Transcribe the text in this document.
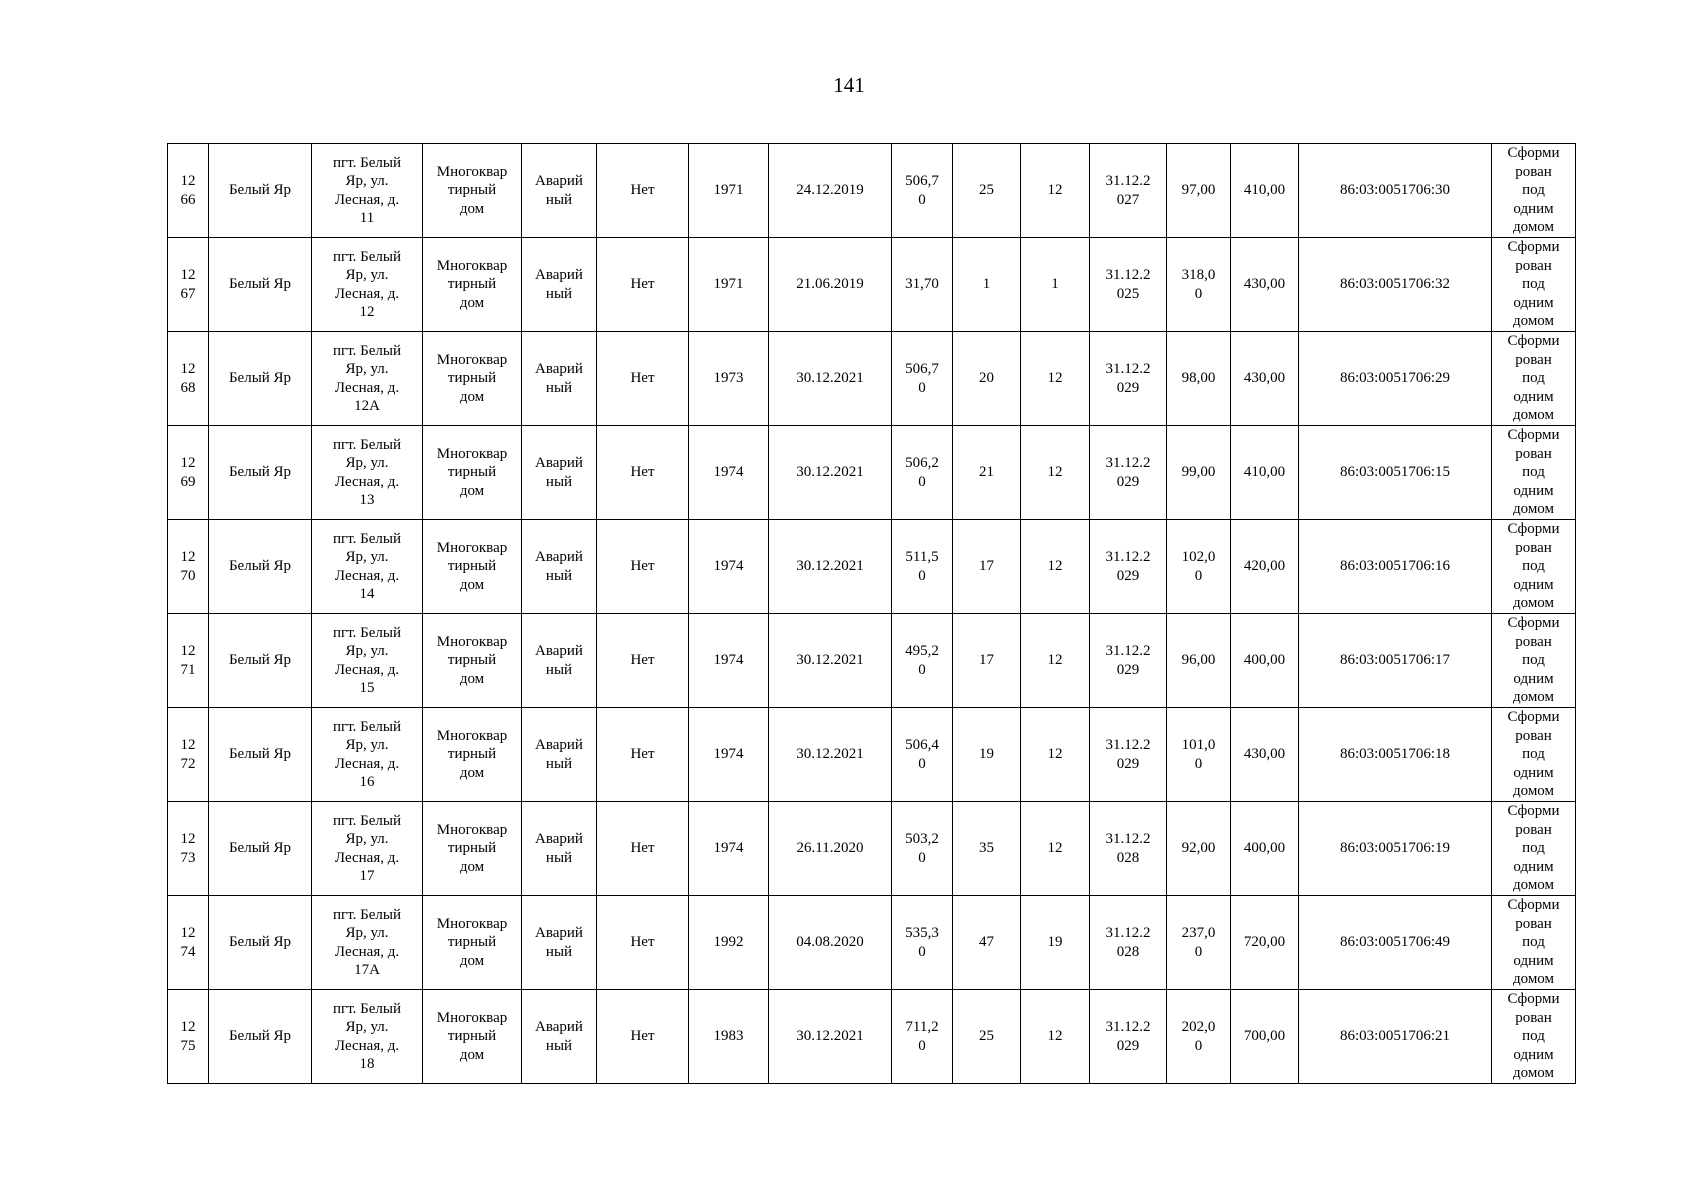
141
12
66	Белый Яр	пгт. Белый
Яр, ул.
Лесная, д.
11	Многоквар
тирный
дом	Аварий
ный	Нет	1971	24.12.2019	506,7
0	25	12	31.12.2
027	97,00	410,00	86:03:0051706:30	Сформи
рован
под
одним
домом

12
67	Белый Яр	пгт. Белый
Яр, ул.
Лесная, д.
12	Многоквар
тирный
дом	Аварий
ный	Нет	1971	21.06.2019	31,70	1	1	31.12.2
025	318,0
0	430,00	86:03:0051706:32	Сформи
рован
под
одним
домом

12
68	Белый Яр	пгт. Белый
Яр, ул.
Лесная, д.
12А	Многоквар
тирный
дом	Аварий
ный	Нет	1973	30.12.2021	506,7
0	20	12	31.12.2
029	98,00	430,00	86:03:0051706:29	Сформи
рован
под
одним
домом

12
69	Белый Яр	пгт. Белый
Яр, ул.
Лесная, д.
13	Многоквар
тирный
дом	Аварий
ный	Нет	1974	30.12.2021	506,2
0	21	12	31.12.2
029	99,00	410,00	86:03:0051706:15	Сформи
рован
под
одним
домом

12
70	Белый Яр	пгт. Белый
Яр, ул.
Лесная, д.
14	Многоквар
тирный
дом	Аварий
ный	Нет	1974	30.12.2021	511,5
0	17	12	31.12.2
029	102,0
0	420,00	86:03:0051706:16	Сформи
рован
под
одним
домом

12
71	Белый Яр	пгт. Белый
Яр, ул.
Лесная, д.
15	Многоквар
тирный
дом	Аварий
ный	Нет	1974	30.12.2021	495,2
0	17	12	31.12.2
029	96,00	400,00	86:03:0051706:17	Сформи
рован
под
одним
домом

12
72	Белый Яр	пгт. Белый
Яр, ул.
Лесная, д.
16	Многоквар
тирный
дом	Аварий
ный	Нет	1974	30.12.2021	506,4
0	19	12	31.12.2
029	101,0
0	430,00	86:03:0051706:18	Сформи
рован
под
одним
домом

12
73	Белый Яр	пгт. Белый
Яр, ул.
Лесная, д.
17	Многоквар
тирный
дом	Аварий
ный	Нет	1974	26.11.2020	503,2
0	35	12	31.12.2
028	92,00	400,00	86:03:0051706:19	Сформи
рован
под
одним
домом

12
74	Белый Яр	пгт. Белый
Яр, ул.
Лесная, д.
17А	Многоквар
тирный
дом	Аварий
ный	Нет	1992	04.08.2020	535,3
0	47	19	31.12.2
028	237,0
0	720,00	86:03:0051706:49	Сформи
рован
под
одним
домом

12
75	Белый Яр	пгт. Белый
Яр, ул.
Лесная, д.
18	Многоквар
тирный
дом	Аварий
ный	Нет	1983	30.12.2021	711,2
0	25	12	31.12.2
029	202,0
0	700,00	86:03:0051706:21	Сформи
рован
под
одним
домом
